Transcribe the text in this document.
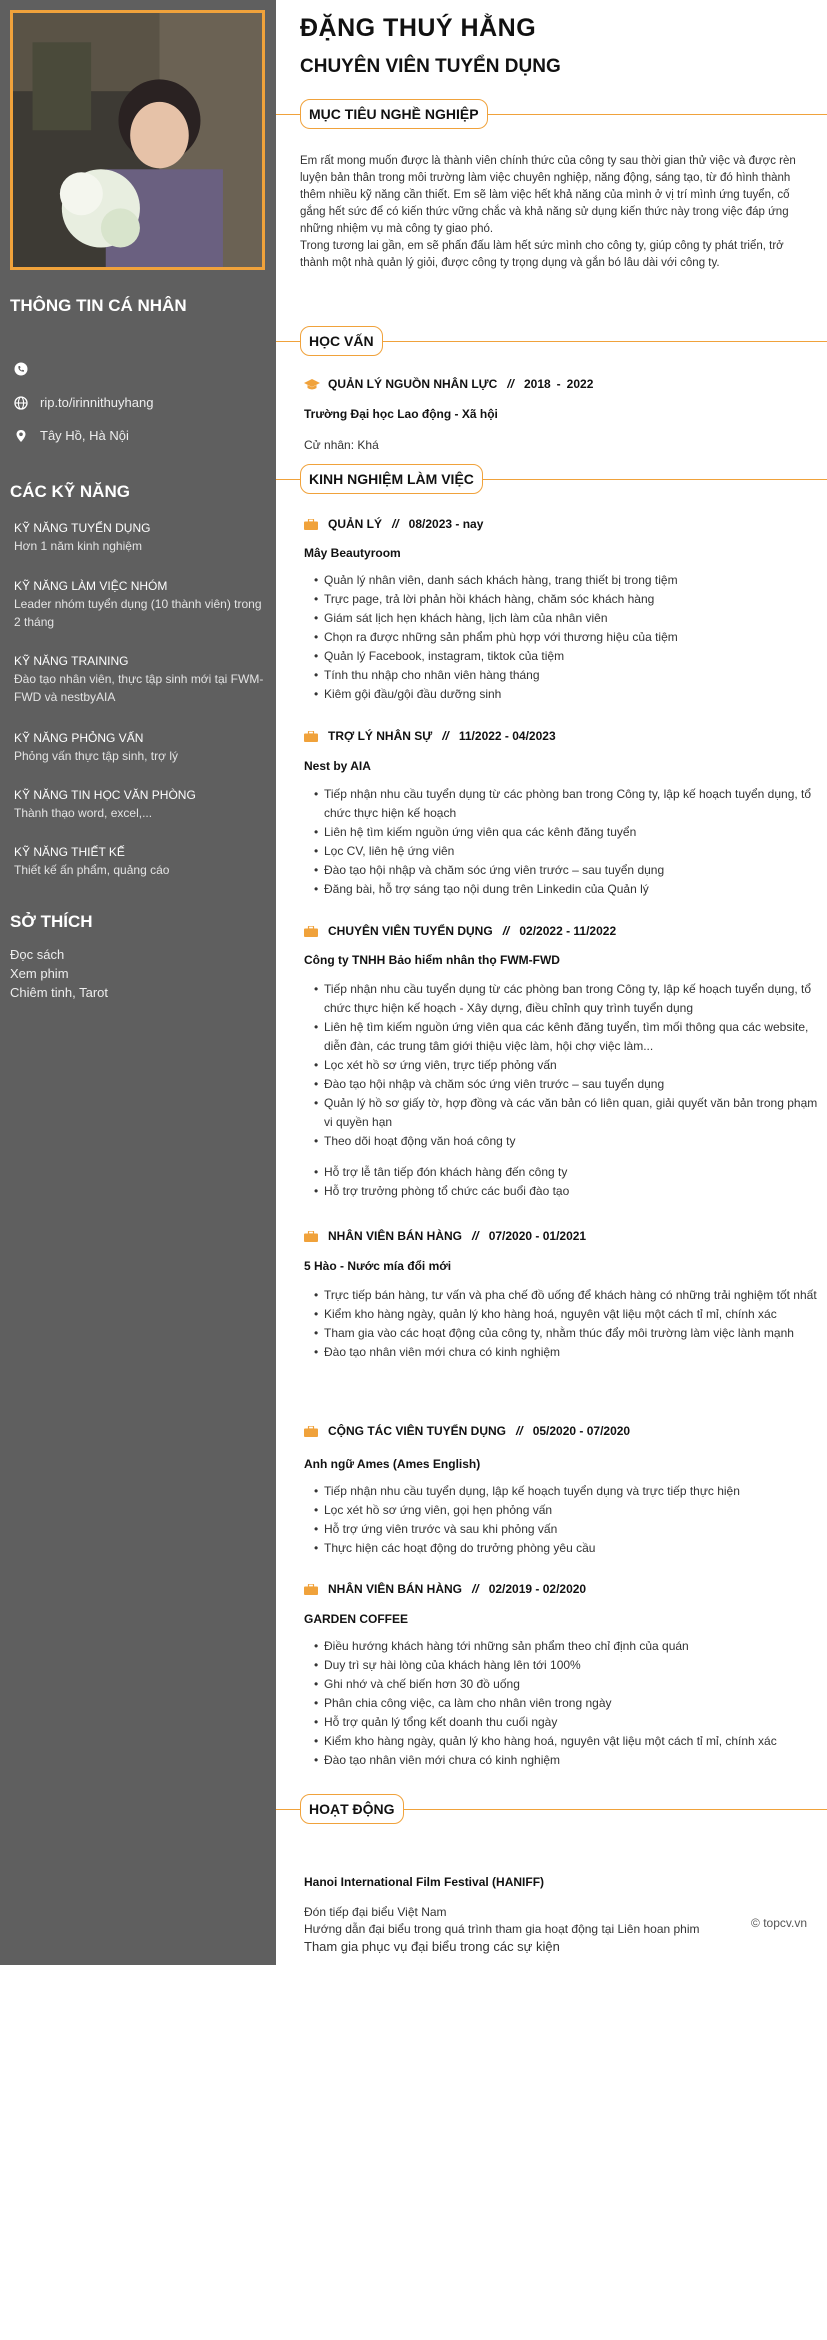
THÔNG TIN CÁ NHÂN
rip.to/irinnithuyhang
Tây Hồ, Hà Nội
CÁC KỸ NĂNG
KỸ NĂNG TUYỂN DỤNG
Hơn 1 năm kinh nghiệm
KỸ NĂNG LÀM VIỆC NHÓM
Leader nhóm tuyển dụng (10 thành viên) trong 2 tháng
KỸ NĂNG TRAINING
Đào tạo nhân viên, thực tập sinh mới tại FWM-FWD và nestbyAIA
KỸ NĂNG PHỎNG VẤN
Phỏng vấn thực tập sinh, trợ lý
KỸ NĂNG TIN HỌC VĂN PHÒNG
Thành thạo word, excel,...
KỸ NĂNG THIẾT KẾ
Thiết kế ấn phẩm, quảng cáo
SỞ THÍCH
Đọc sách
Xem phim
Chiêm tinh, Tarot
ĐẶNG THUÝ HẰNG
CHUYÊN VIÊN TUYỂN DỤNG
MỤC TIÊU NGHỀ NGHIỆP
Em rất mong muốn được là thành viên chính thức của công ty sau thời gian thử việc và được rèn luyện bản thân trong môi trường làm việc chuyên nghiệp, năng động, sáng tạo, từ đó hình thành thêm nhiều kỹ năng cần thiết. Em sẽ làm việc hết khả năng của mình ở vị trí mình ứng tuyển, cố gắng hết sức để có kiến thức vững chắc và khả năng sử dụng kiến thức này trong việc đáp ứng những nhiệm vụ mà công ty giao phó.
Trong tương lai gần, em sẽ phấn đấu làm hết sức mình cho công ty, giúp công ty phát triển, trở thành một nhà quản lý giỏi, được công ty trọng dụng và gắn bó lâu dài với công ty.
HỌC VẤN
QUẢN LÝ NGUỒN NHÂN LỰC // 2018 - 2022
Trường Đại học Lao động - Xã hội
Cử nhân: Khá
KINH NGHIỆM LÀM VIỆC
QUẢN LÝ // 08/2023 - nay
Mây Beautyroom
• Quản lý nhân viên, danh sách khách hàng, trang thiết bị trong tiệm
• Trực page, trả lời phản hồi khách hàng, chăm sóc khách hàng
• Giám sát lịch hẹn khách hàng, lịch làm của nhân viên
• Chọn ra được những sản phẩm phù hợp với thương hiệu của tiệm
• Quản lý Facebook, instagram, tiktok của tiệm
• Tính thu nhập cho nhân viên hàng tháng
• Kiêm gội đầu/gội đầu dưỡng sinh
TRỢ LÝ NHÂN SỰ // 11/2022 - 04/2023
Nest by AIA
• Tiếp nhận nhu cầu tuyển dụng từ các phòng ban trong Công ty, lập kế hoạch tuyển dụng, tổ chức thực hiện kế hoạch
• Liên hệ tìm kiếm nguồn ứng viên qua các kênh đăng tuyển
• Lọc CV, liên hệ ứng viên
• Đào tạo hội nhập và chăm sóc ứng viên trước – sau tuyển dụng
• Đăng bài, hỗ trợ sáng tạo nội dung trên Linkedin của Quản lý
CHUYÊN VIÊN TUYỂN DỤNG // 02/2022 - 11/2022
Công ty TNHH Bảo hiểm nhân thọ FWM-FWD
• Tiếp nhận nhu cầu tuyển dụng từ các phòng ban trong Công ty, lập kế hoạch tuyển dụng, tổ chức thực hiện kế hoạch - Xây dựng, điều chỉnh quy trình tuyển dụng
• Liên hệ tìm kiếm nguồn ứng viên qua các kênh đăng tuyển, tìm mối thông qua các website, diễn đàn, các trung tâm giới thiệu việc làm, hội chợ việc làm...
• Lọc xét hồ sơ ứng viên, trực tiếp phỏng vấn
• Đào tạo hội nhập và chăm sóc ứng viên trước – sau tuyển dụng
• Quản lý hồ sơ giấy tờ, hợp đồng và các văn bản có liên quan, giải quyết văn bản trong phạm vi quyền hạn
• Theo dõi hoạt động văn hoá công ty
• Hỗ trợ lễ tân tiếp đón khách hàng đến công ty
• Hỗ trợ trưởng phòng tổ chức các buổi đào tạo
NHÂN VIÊN BÁN HÀNG // 07/2020 - 01/2021
5 Hào - Nước mía đổi mới
• Trực tiếp bán hàng, tư vấn và pha chế đồ uống để khách hàng có những trải nghiệm tốt nhất
• Kiểm kho hàng ngày, quản lý kho hàng hoá, nguyên vật liệu một cách tỉ mỉ, chính xác
• Tham gia vào các hoạt động của công ty, nhằm thúc đẩy môi trường làm việc lành mạnh
• Đào tạo nhân viên mới chưa có kinh nghiệm
CỘNG TÁC VIÊN TUYỂN DỤNG // 05/2020 - 07/2020
Anh ngữ Ames (Ames English)
• Tiếp nhận nhu cầu tuyển dụng, lập kế hoạch tuyển dụng và trực tiếp thực hiện
• Lọc xét hồ sơ ứng viên, gọi hẹn phỏng vấn
• Hỗ trợ ứng viên trước và sau khi phỏng vấn
• Thực hiện các hoạt động do trưởng phòng yêu cầu
NHÂN VIÊN BÁN HÀNG // 02/2019 - 02/2020
GARDEN COFFEE
• Điều hướng khách hàng tới những sản phẩm theo chỉ định của quán
• Duy trì sự hài lòng của khách hàng lên tới 100%
• Ghi nhớ và chế biến hơn 30 đồ uống
• Phân chia công việc, ca làm cho nhân viên trong ngày
• Hỗ trợ quản lý tổng kết doanh thu cuối ngày
• Kiểm kho hàng ngày, quản lý kho hàng hoá, nguyên vật liệu một cách tỉ mỉ, chính xác
• Đào tạo nhân viên mới chưa có kinh nghiệm
HOẠT ĐỘNG
Hanoi International Film Festival (HANIFF)
Đón tiếp đại biểu Việt Nam
Hướng dẫn đại biểu trong quá trình tham gia hoạt động tại Liên hoan phim
Tham gia phục vụ đại biểu trong các sự kiện
© topcv.vn
